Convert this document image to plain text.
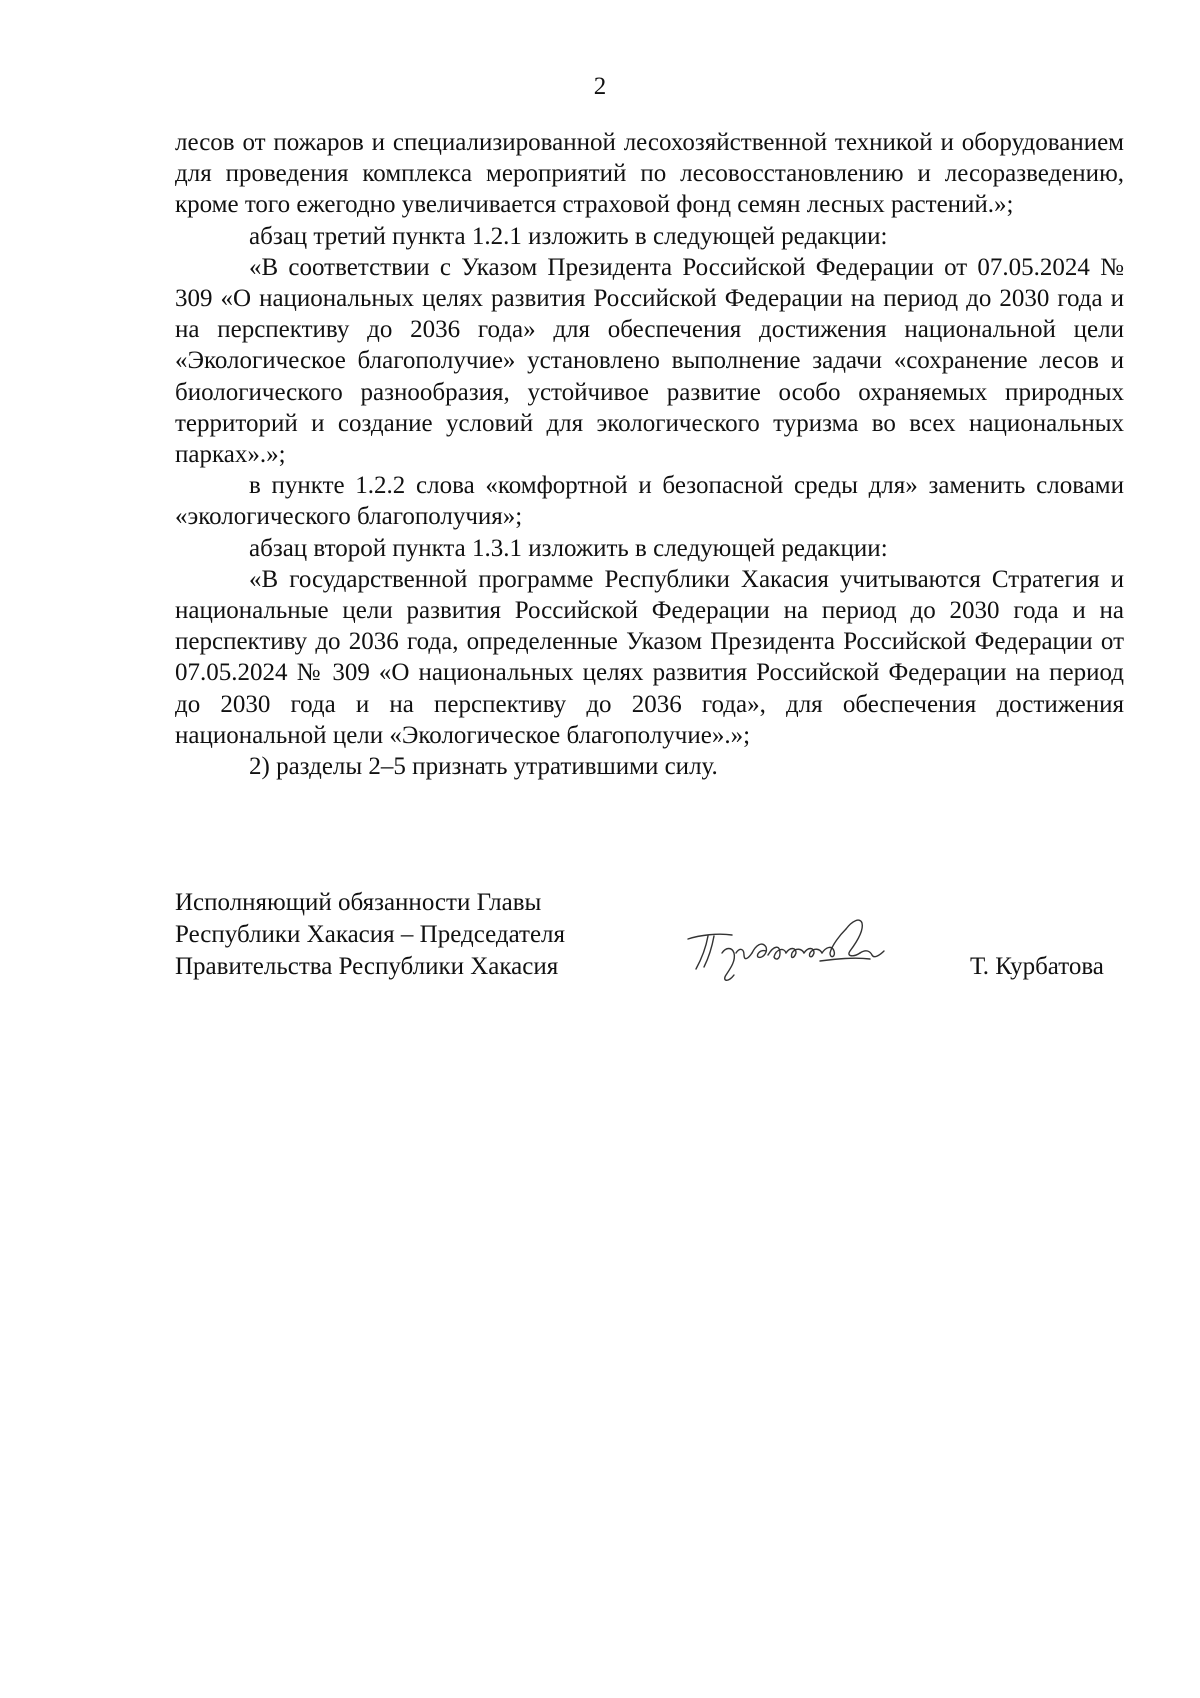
2

лесов от пожаров и специализированной лесохозяйственной техникой и оборудованием для проведения комплекса мероприятий по лесовосстановлению и лесоразведению, кроме того ежегодно увеличивается страховой фонд семян лесных растений.»;

абзац третий пункта 1.2.1 изложить в следующей редакции:

«В соответствии с Указом Президента Российской Федерации от 07.05.2024 № 309 «О национальных целях развития Российской Федерации на период до 2030 года и на перспективу до 2036 года» для обеспечения достижения национальной цели «Экологическое благополучие» установлено выполнение задачи «сохранение лесов и биологического разнообразия, устойчивое развитие особо охраняемых природных территорий и создание условий для экологического туризма во всех национальных парках».»;

в пункте 1.2.2 слова «комфортной и безопасной среды для» заменить словами «экологического благополучия»;

абзац второй пункта 1.3.1 изложить в следующей редакции:

«В государственной программе Республики Хакасия учитываются Стратегия и национальные цели развития Российской Федерации на период до 2030 года и на перспективу до 2036 года, определенные Указом Президента Российской Федерации от 07.05.2024 № 309 «О национальных целях развития Российской Федерации на период до 2030 года и на перспективу до 2036 года», для обеспечения достижения национальной цели «Экологическое благополучие».»;

2) разделы 2–5 признать утратившими силу.

Исполняющий обязанности Главы
Республики Хакасия – Председателя
Правительства Республики Хакасия	Т. Курбатова
